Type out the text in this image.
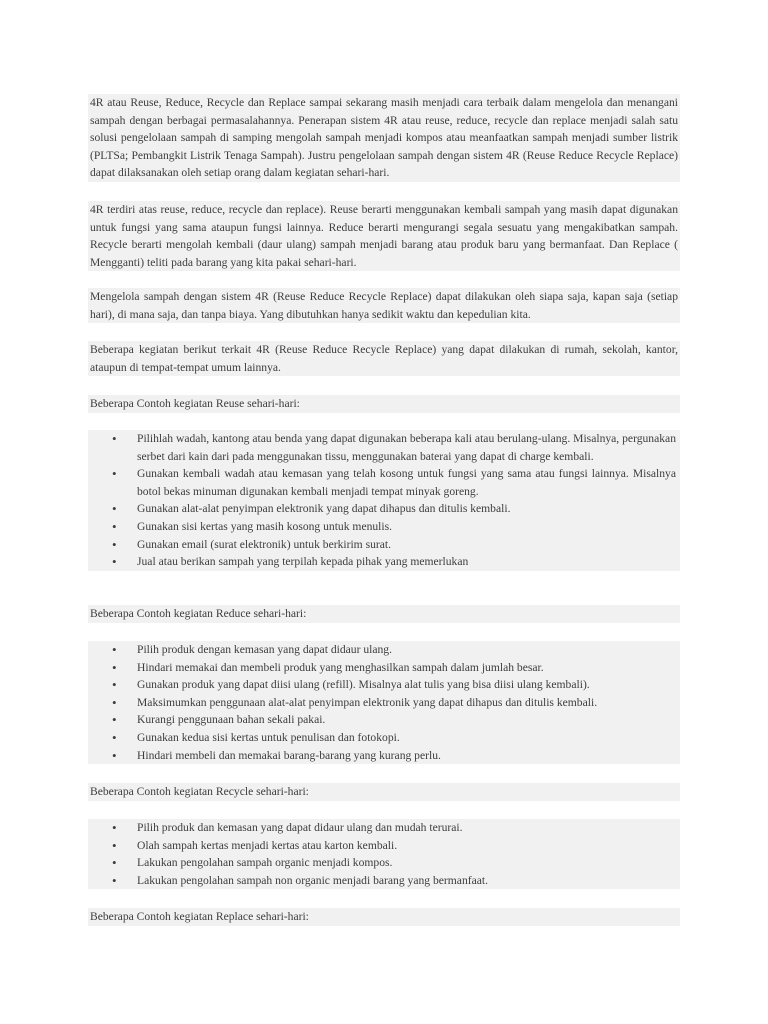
4R atau Reuse, Reduce, Recycle dan Replace sampai sekarang masih menjadi cara terbaik dalam mengelola dan menangani sampah dengan berbagai permasalahannya. Penerapan sistem 4R atau reuse, reduce, recycle dan replace menjadi salah satu solusi pengelolaan sampah di samping mengolah sampah menjadi kompos atau meanfaatkan sampah menjadi sumber listrik (PLTSa; Pembangkit Listrik Tenaga Sampah). Justru pengelolaan sampah dengan sistem 4R (Reuse Reduce Recycle Replace) dapat dilaksanakan oleh setiap orang dalam kegiatan sehari-hari.

4R terdiri atas reuse, reduce, recycle dan replace). Reuse berarti menggunakan kembali sampah yang masih dapat digunakan untuk fungsi yang sama ataupun fungsi lainnya. Reduce berarti mengurangi segala sesuatu yang mengakibatkan sampah. Recycle berarti mengolah kembali (daur ulang) sampah menjadi barang atau produk baru yang bermanfaat. Dan Replace ( Mengganti) teliti pada barang yang kita pakai sehari-hari.

Mengelola sampah dengan sistem 4R (Reuse Reduce Recycle Replace) dapat dilakukan oleh siapa saja, kapan saja (setiap hari), di mana saja, dan tanpa biaya. Yang dibutuhkan hanya sedikit waktu dan kepedulian kita.

Beberapa kegiatan berikut terkait 4R (Reuse Reduce Recycle Replace) yang dapat dilakukan di rumah, sekolah, kantor, ataupun di tempat-tempat umum lainnya.

Beberapa Contoh kegiatan Reuse sehari-hari:

• Pilihlah wadah, kantong atau benda yang dapat digunakan beberapa kali atau berulang-ulang. Misalnya, pergunakan serbet dari kain dari pada menggunakan tissu, menggunakan baterai yang dapat di charge kembali.
• Gunakan kembali wadah atau kemasan yang telah kosong untuk fungsi yang sama atau fungsi lainnya. Misalnya botol bekas minuman digunakan kembali menjadi tempat minyak goreng.
• Gunakan alat-alat penyimpan elektronik yang dapat dihapus dan ditulis kembali.
• Gunakan sisi kertas yang masih kosong untuk menulis.
• Gunakan email (surat elektronik) untuk berkirim surat.
• Jual atau berikan sampah yang terpilah kepada pihak yang memerlukan

Beberapa Contoh kegiatan Reduce sehari-hari:

• Pilih produk dengan kemasan yang dapat didaur ulang.
• Hindari memakai dan membeli produk yang menghasilkan sampah dalam jumlah besar.
• Gunakan produk yang dapat diisi ulang (refill). Misalnya alat tulis yang bisa diisi ulang kembali).
• Maksimumkan penggunaan alat-alat penyimpan elektronik yang dapat dihapus dan ditulis kembali.
• Kurangi penggunaan bahan sekali pakai.
• Gunakan kedua sisi kertas untuk penulisan dan fotokopi.
• Hindari membeli dan memakai barang-barang yang kurang perlu.

Beberapa Contoh kegiatan Recycle sehari-hari:

• Pilih produk dan kemasan yang dapat didaur ulang dan mudah terurai.
• Olah sampah kertas menjadi kertas atau karton kembali.
• Lakukan pengolahan sampah organic menjadi kompos.
• Lakukan pengolahan sampah non organic menjadi barang yang bermanfaat.

Beberapa Contoh kegiatan Replace sehari-hari:
